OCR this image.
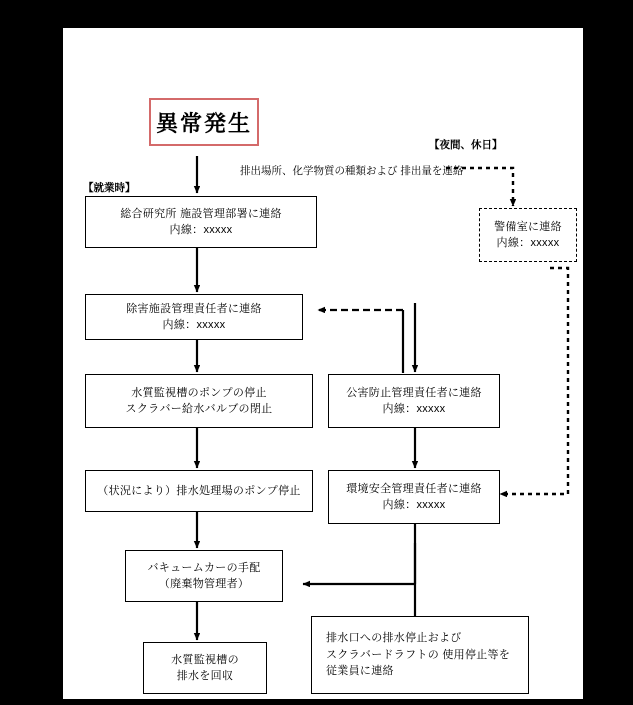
異常発生
【就業時】
【夜間、休日】
排出場所、化学物質の種類および 排出量を連絡
総合研究所 施設管理部署に連絡
内線：xxxxx	警備室に連絡
内線：xxxxx
除害施設管理責任者に連絡
内線：xxxxx
水質監視槽のポンプの停止
スクラバー給水バルブの閉止
公害防止管理責任者に連絡
内線：xxxxx
（状況により）排水処理場のポンプ停止	環境安全管理責任者に連絡
内線：xxxxx
バキュームカーの手配
（廃棄物管理者）
水質監視槽の
排水を回収
排水口への排水停止および
スクラバードラフトの 使用停止等を
従業員に連絡
